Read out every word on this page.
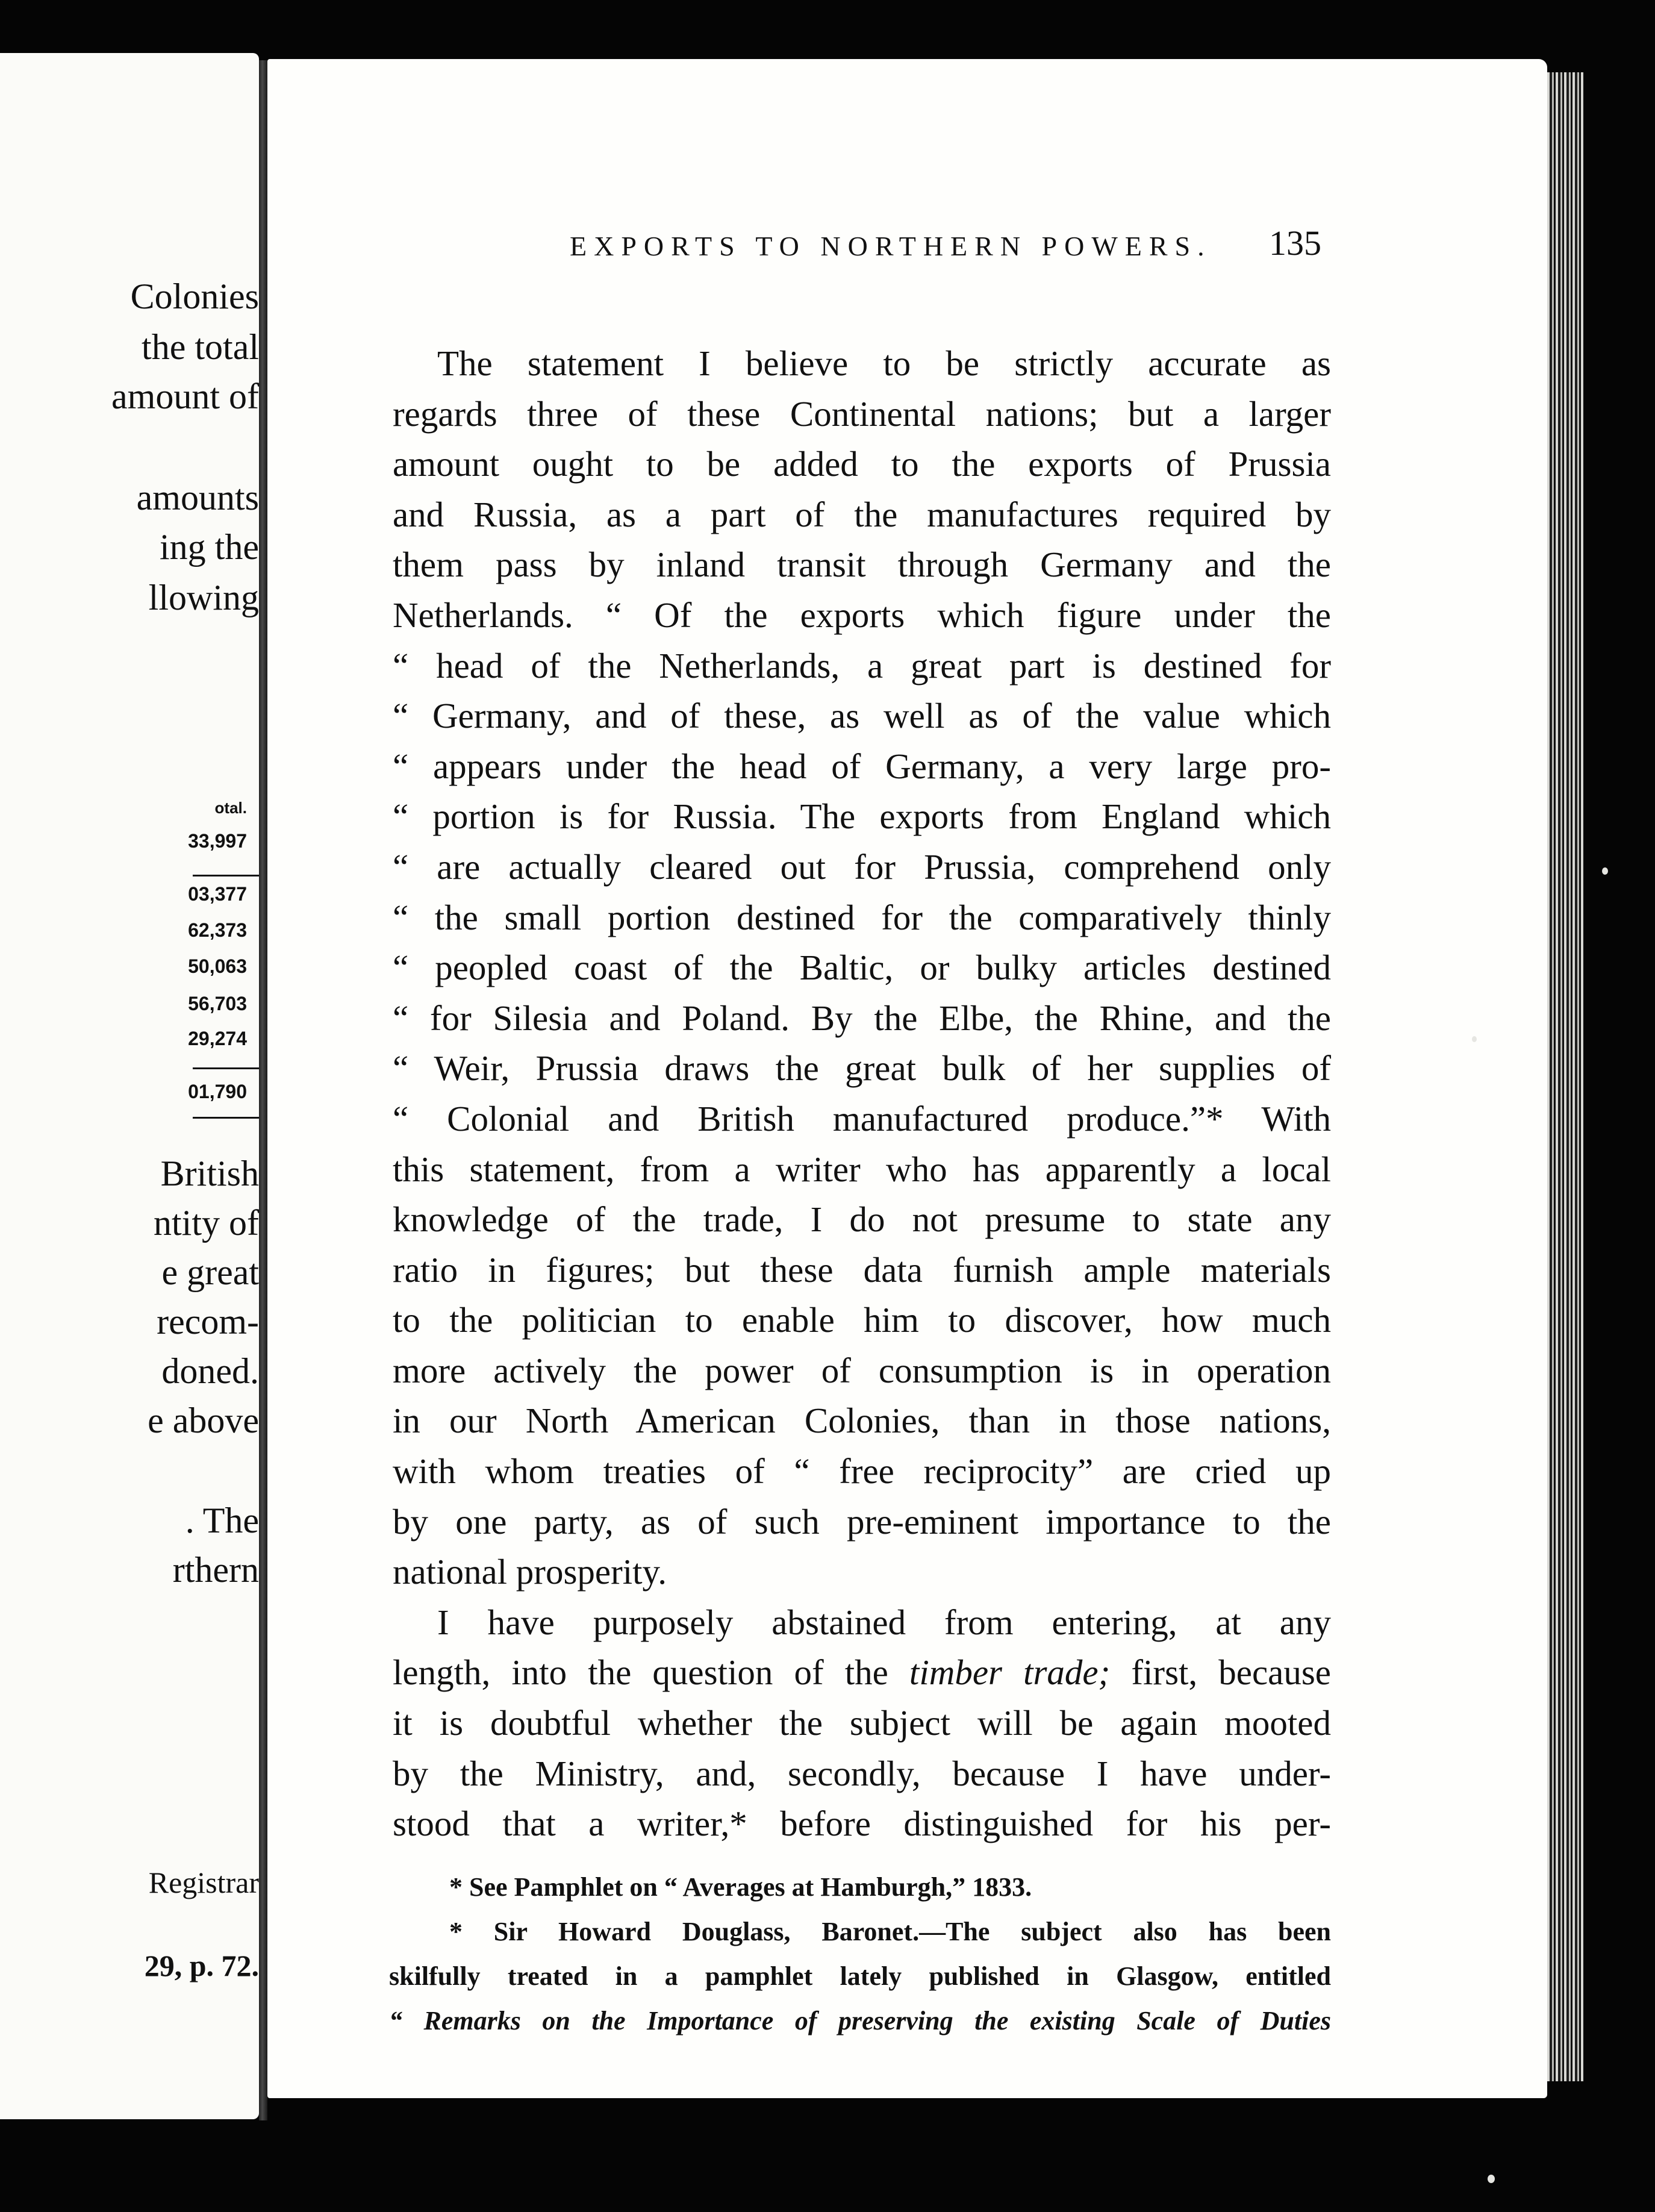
Colonies
the total
amount of
amounts
ing the
llowing
otal.
33,997
03,377
62,373
50,063
56,703
29,274
01,790
British
ntity of
e great
recom-
doned.
e above
. The
rthern
Registrar
29, p. 72.
EXPORTS TO NORTHERN POWERS. 135
The statement I believe to be strictly accurate as
regards three of these Continental nations; but a larger
amount ought to be added to the exports of Prussia
and Russia, as a part of the manufactures required by
them pass by inland transit through Germany and the
Netherlands. “ Of the exports which figure under the
“ head of the Netherlands, a great part is destined for
“ Germany, and of these, as well as of the value which
“ appears under the head of Germany, a very large pro-
“ portion is for Russia. The exports from England which
“ are actually cleared out for Prussia, comprehend only
“ the small portion destined for the comparatively thinly
“ peopled coast of the Baltic, or bulky articles destined
“ for Silesia and Poland. By the Elbe, the Rhine, and the
“ Weir, Prussia draws the great bulk of her supplies of
“ Colonial and British manufactured produce.”* With
this statement, from a writer who has apparently a local
knowledge of the trade, I do not presume to state any
ratio in figures; but these data furnish ample materials
to the politician to enable him to discover, how much
more actively the power of consumption is in operation
in our North American Colonies, than in those nations,
with whom treaties of “ free reciprocity” are cried up
by one party, as of such pre-eminent importance to the
national prosperity.
I have purposely abstained from entering, at any
length, into the question of the timber trade; first, because
it is doubtful whether the subject will be again mooted
by the Ministry, and, secondly, because I have under-
stood that a writer,* before distinguished for his per-
* See Pamphlet on “ Averages at Hamburgh,” 1833.
* Sir Howard Douglass, Baronet.—The subject also has been
skilfully treated in a pamphlet lately published in Glasgow, entitled
“ Remarks on the Importance of preserving the existing Scale of Duties
